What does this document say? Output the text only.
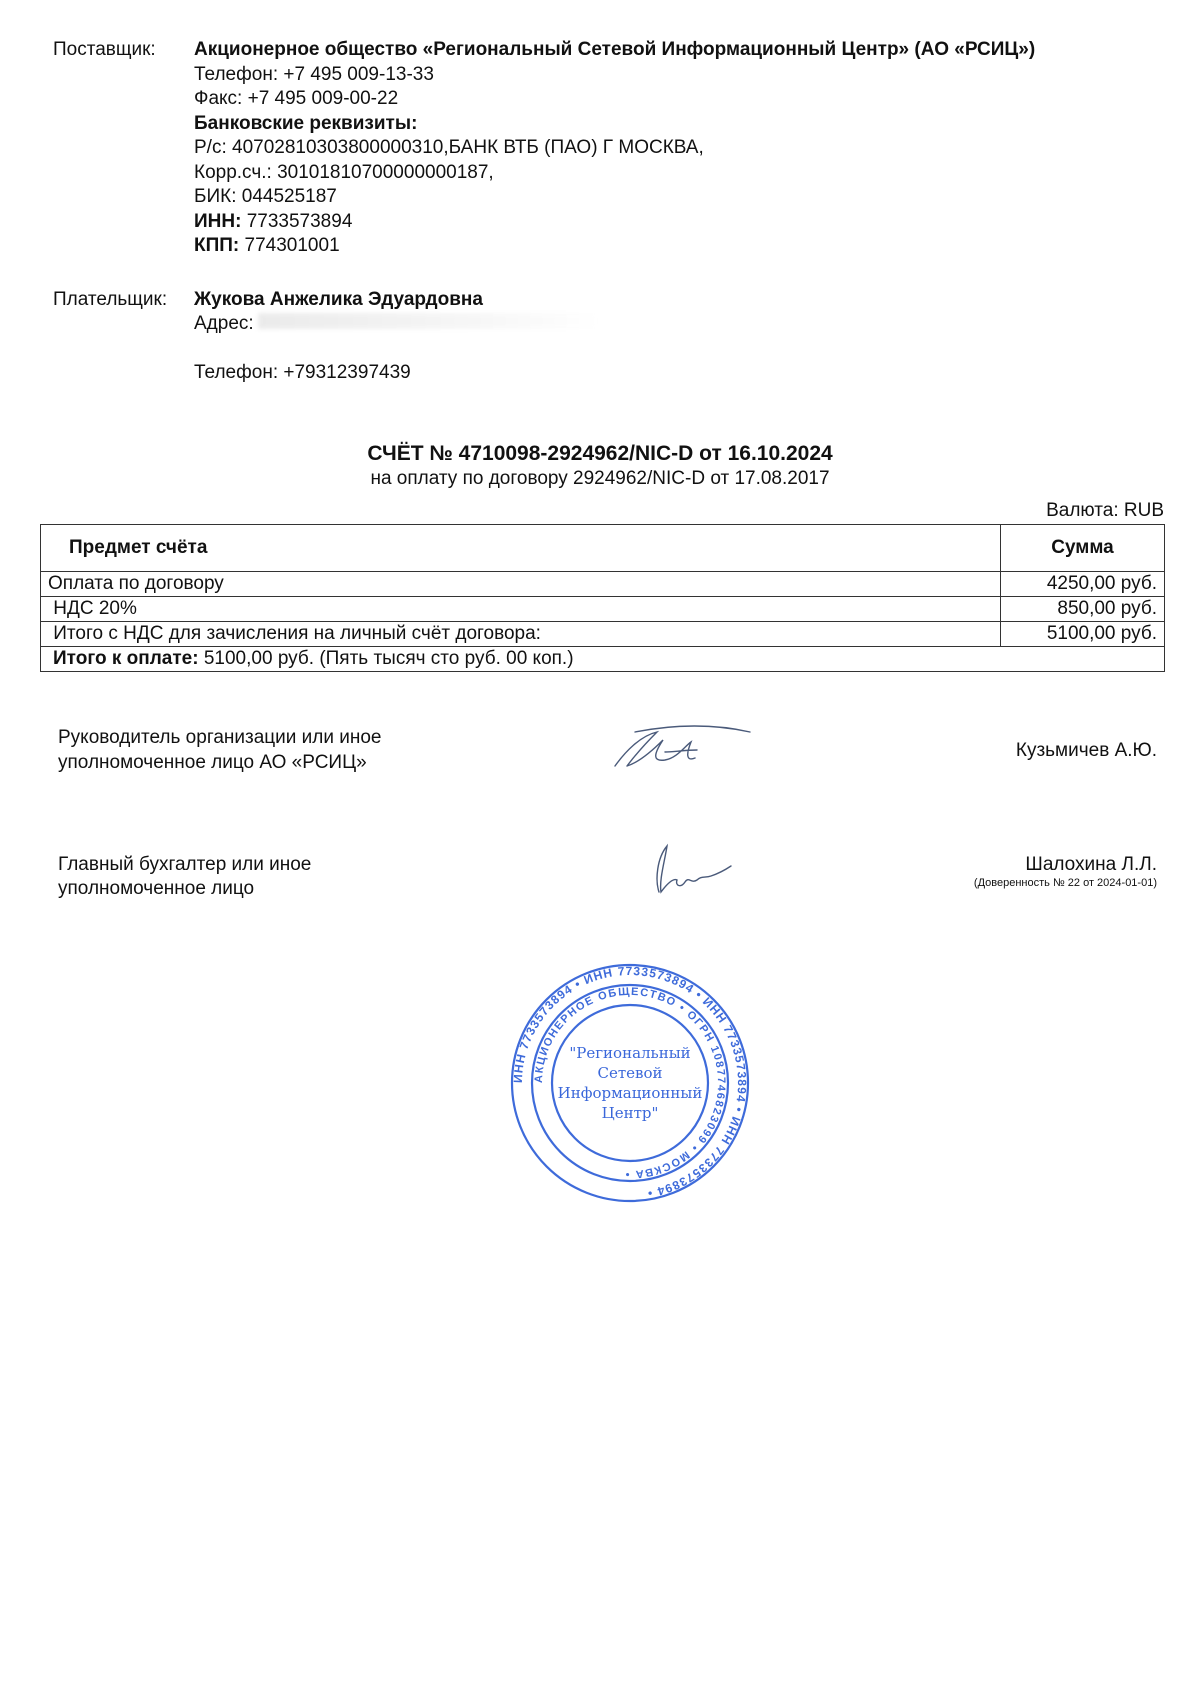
Поставщик: Акционерное общество «Региональный Сетевой Информационный Центр» (АО «РСИЦ»)
Телефон: +7 495 009-13-33
Факс: +7 495 009-00-22
Банковские реквизиты:
Р/с: 40702810303800000310,БАНК ВТБ (ПАО) Г МОСКВА,
Корр.сч.: 30101810700000000187,
БИК: 044525187
ИНН: 7733573894
КПП: 774301001
Плательщик: Жукова Анжелика Эдуардовна
Адрес:
Телефон: +79312397439
СЧЁТ № 4710098-2924962/NIC-D от 16.10.2024
на оплату по договору 2924962/NIC-D от 17.08.2017
Валюта: RUB
Предмет счёта	Сумма
Оплата по договору	4250,00 руб.
НДС 20%	850,00 руб.
Итого с НДС для зачисления на личный счёт договора:	5100,00 руб.
Итого к оплате: 5100,00 руб. (Пять тысяч сто руб. 00 коп.)	
Руководитель организации или иное
уполномоченное лицо АО «РСИЦ»
Кузьмичев А.Ю.
Главный бухгалтер или иное
уполномоченное лицо
Шалохина Л.Л.
(Доверенность № 22 от 2024-01-01)
ИНН 7733573894 • ИНН 7733573894 • ИНН 7733573894 • ИНН 7733573894 •
АКЦИОНЕРНОЕ ОБЩЕСТВО • ОГРН 1087746823099 • МОСКВА •
"Региональный
Сетевой
Информационный
Центр"
